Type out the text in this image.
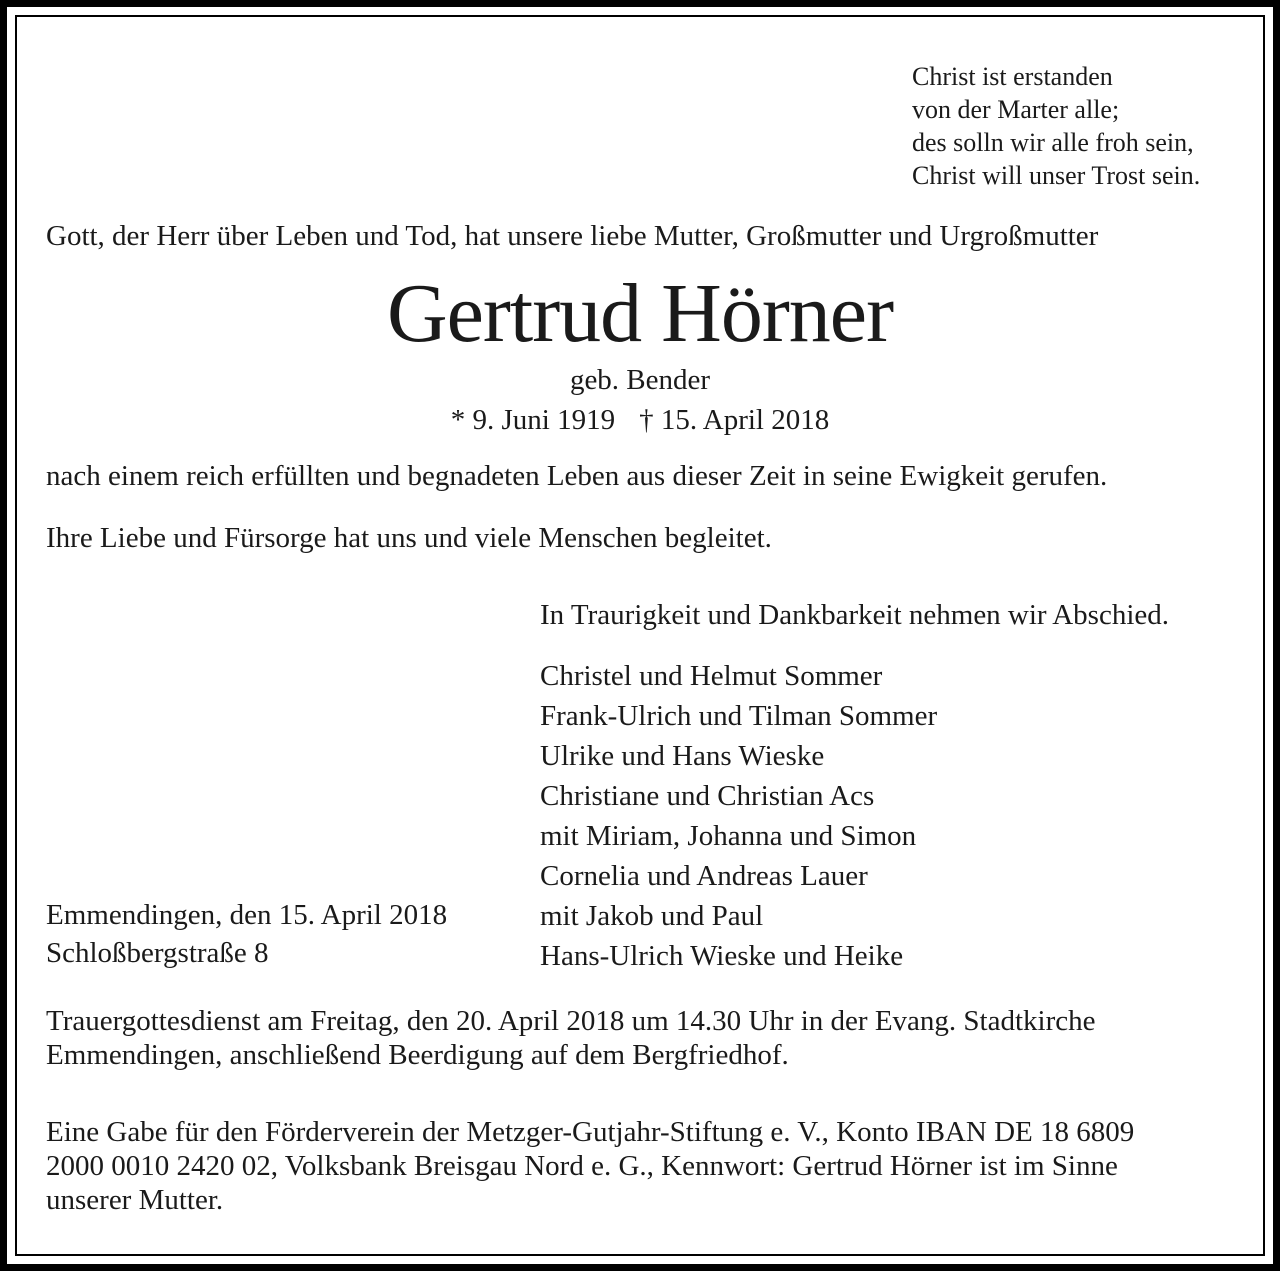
Christ ist erstanden
von der Marter alle;
des solln wir alle froh sein,
Christ will unser Trost sein.

Gott, der Herr über Leben und Tod, hat unsere liebe Mutter, Großmutter und Urgroßmutter

Gertrud Hörner
geb. Bender
* 9. Juni 1919 † 15. April 2018

nach einem reich erfüllten und begnadeten Leben aus dieser Zeit in seine Ewigkeit gerufen.

Ihre Liebe und Fürsorge hat uns und viele Menschen begleitet.

In Traurigkeit und Dankbarkeit nehmen wir Abschied.

Christel und Helmut Sommer
Frank-Ulrich und Tilman Sommer
Ulrike und Hans Wieske
Christiane und Christian Acs
mit Miriam, Johanna und Simon
Cornelia und Andreas Lauer
mit Jakob und Paul
Hans-Ulrich Wieske und Heike
Emmendingen, den 15. April 2018
Schloßbergstraße 8
Trauergottesdienst am Freitag, den 20. April 2018 um 14.30 Uhr in der Evang. Stadtkirche
Emmendingen, anschließend Beerdigung auf dem Bergfriedhof.
Eine Gabe für den Förderverein der Metzger-Gutjahr-Stiftung e. V., Konto IBAN DE 18 6809
2000 0010 2420 02, Volksbank Breisgau Nord e. G., Kennwort: Gertrud Hörner ist im Sinne
unserer Mutter.
